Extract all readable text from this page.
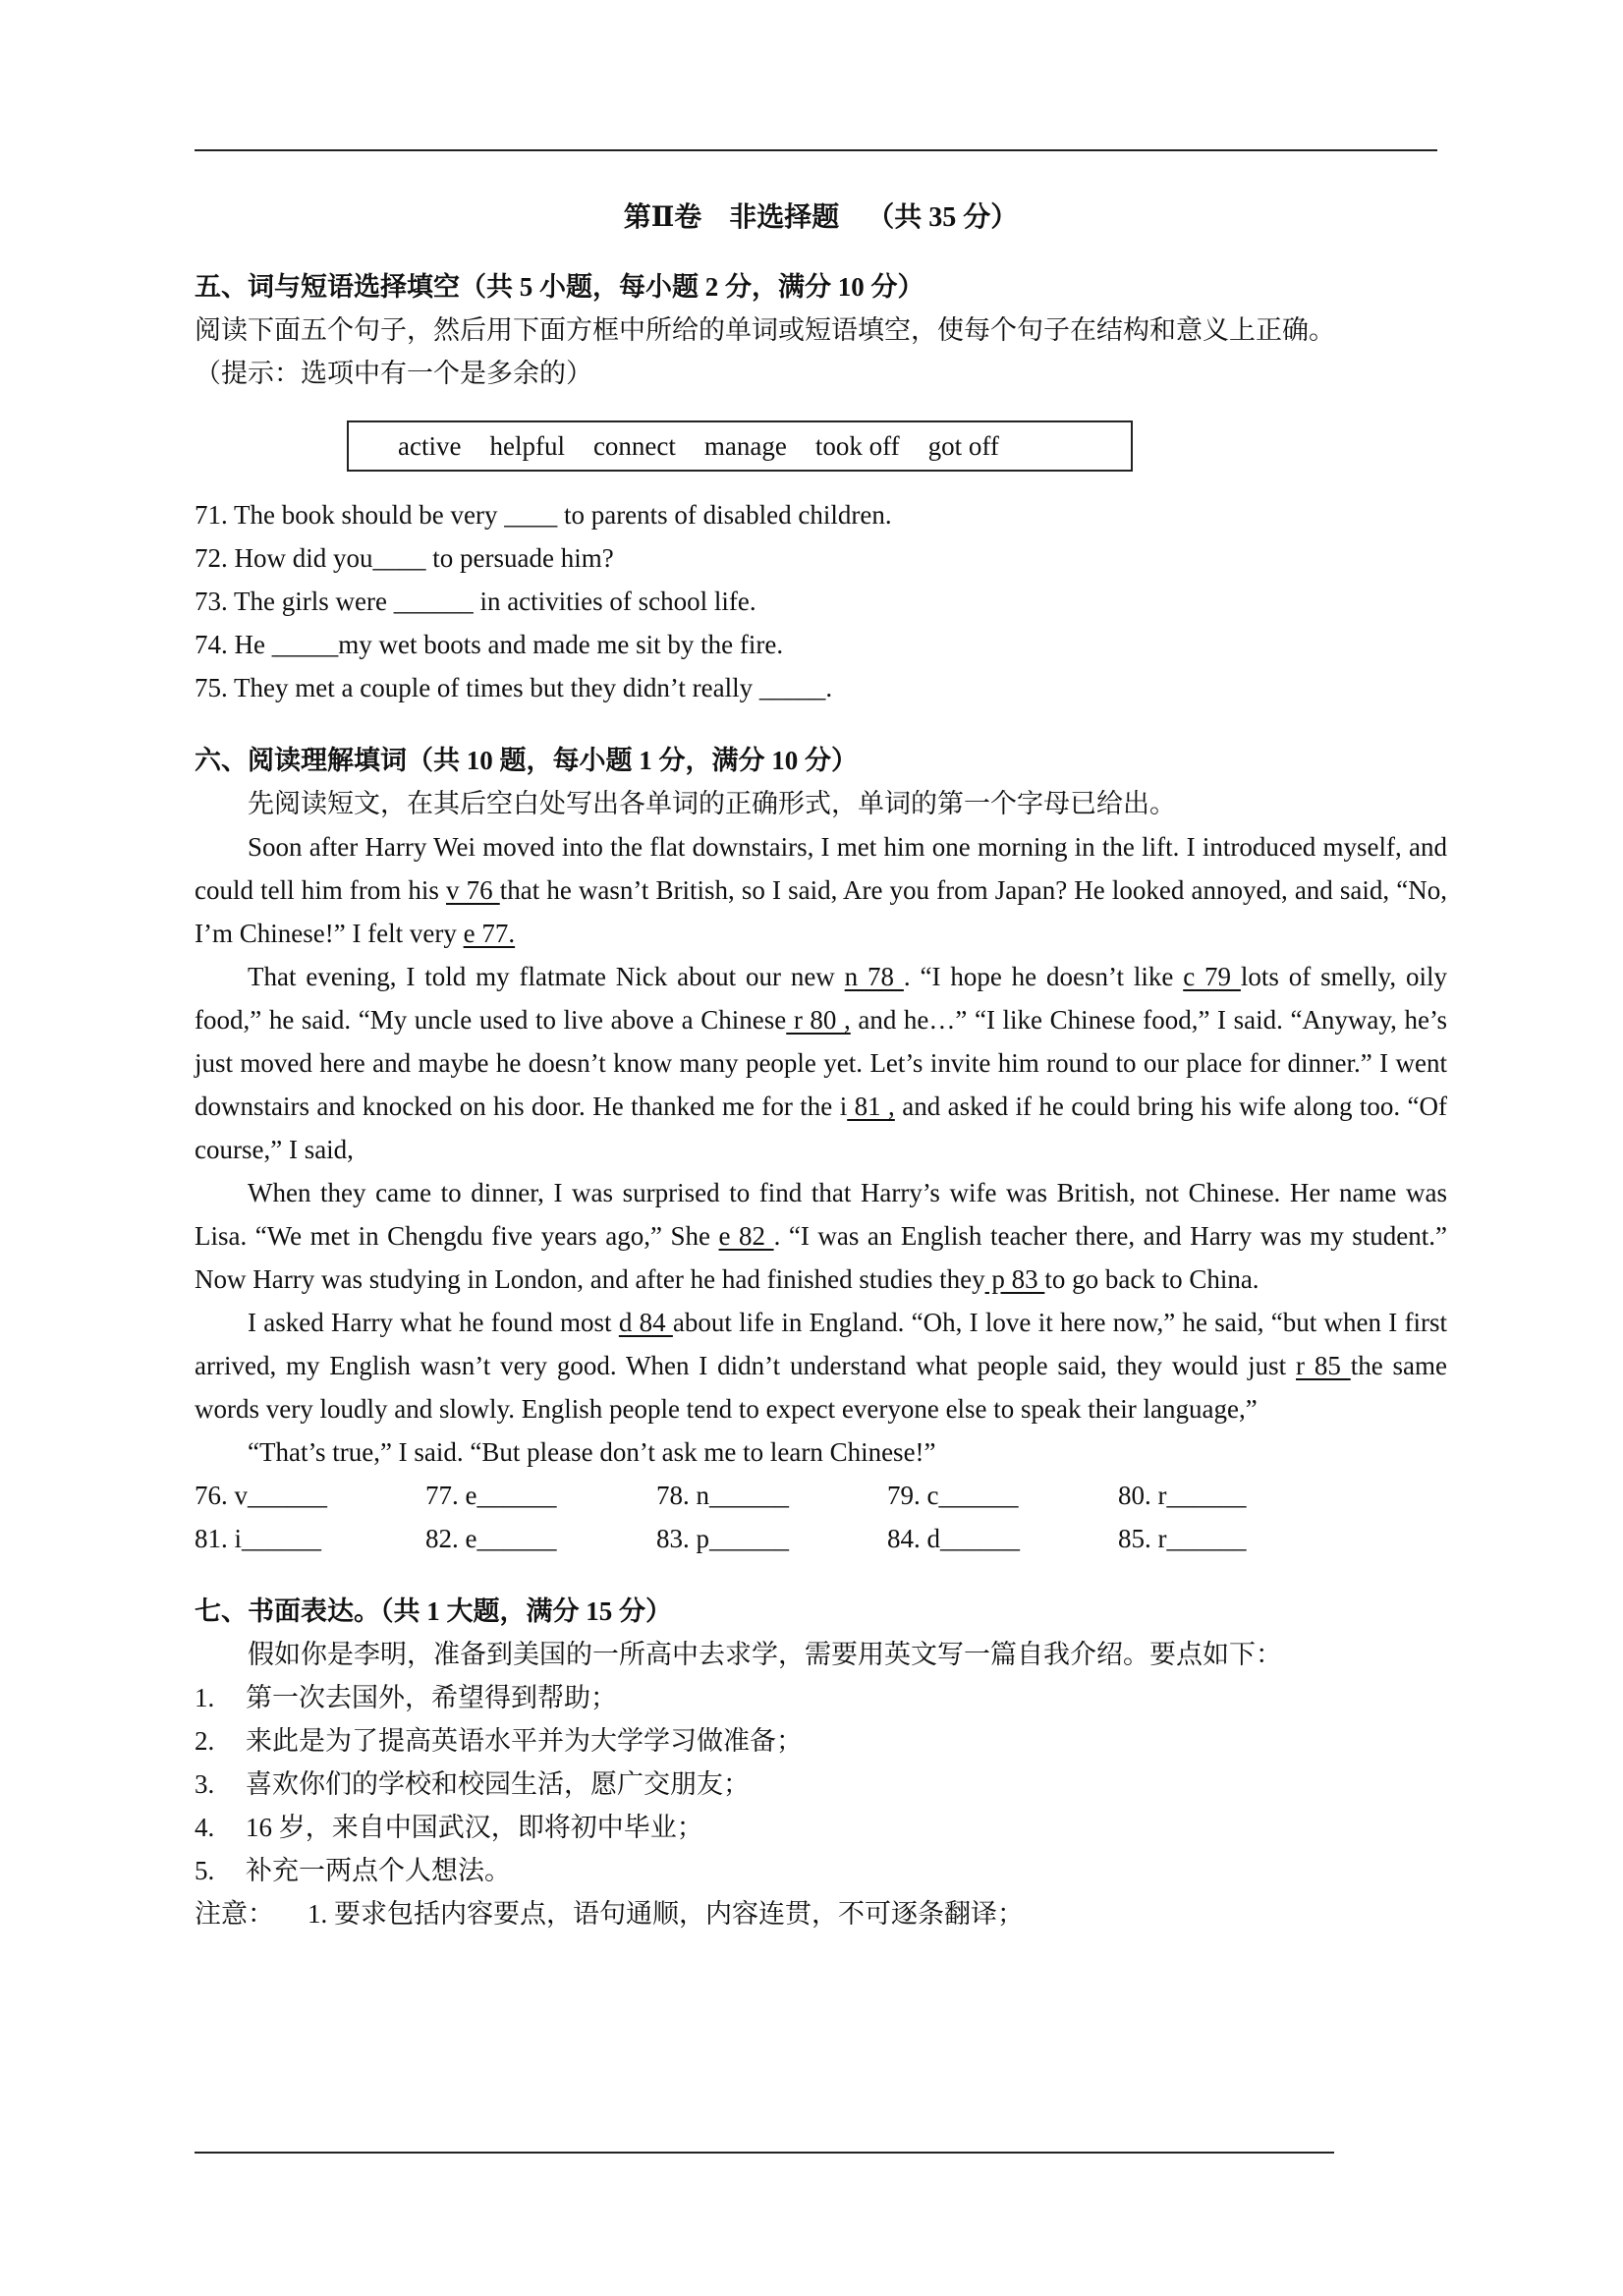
第Ⅱ卷    非选择题    （共 35 分）

五、词与短语选择填空（共 5 小题，每小题 2 分，满分 10 分）

阅读下面五个句子，然后用下面方框中所给的单词或短语填空，使每个句子在结构和意义上正确。

（提示：选项中有一个是多余的）

active helpful connect manage took off got off
71. The book should be very ____ to parents of disabled children.
72. How did you____ to persuade him?
73. The girls were ______ in activities of school life.
74. He _____my wet boots and made me sit by the fire.
75. They met a couple of times but they didn’t really _____.

六、阅读理解填词（共 10 题，每小题 1 分，满分 10 分）

先阅读短文，在其后空白处写出各单词的正确形式，单词的第一个字母已给出。

Soon after Harry Wei moved into the flat downstairs, I met him one morning in the lift. I introduced myself, and could tell him from his v 76 that he wasn’t British, so I said, Are you from Japan? He looked annoyed, and said, “No, I’m Chinese!” I felt very e 77.

That evening, I told my flatmate Nick about our new n 78 . “I hope he doesn’t like c 79 lots of smelly, oily food,” he said. “My uncle used to live above a Chinese r 80 , and he…” “I like Chinese food,” I said. “Anyway, he’s just moved here and maybe he doesn’t know many people yet. Let’s invite him round to our place for dinner.” I went downstairs and knocked on his door. He thanked me for the i 81 , and asked if he could bring his wife along too. “Of course,” I said,

When they came to dinner, I was surprised to find that Harry’s wife was British, not Chinese. Her name was Lisa. “We met in Chengdu five years ago,” She e 82 . “I was an English teacher there, and Harry was my student.” Now Harry was studying in London, and after he had finished studies they p 83 to go back to China.

I asked Harry what he found most d 84 about life in England. “Oh, I love it here now,” he said, “but when I first arrived, my English wasn’t very good. When I didn’t understand what people said, they would just r 85 the same words very loudly and slowly. English people tend to expect everyone else to speak their language,”

“That’s true,” I said. “But please don’t ask me to learn Chinese!”

76. v______	77. e______	78. n______	79. c______	80. r______
81. i______	82. e______	83. p______	84. d______	85. r______

七、书面表达。（共 1 大题，满分 15 分）

假如你是李明，准备到美国的一所高中去求学，需要用英文写一篇自我介绍。要点如下：

1. 第一次去国外，希望得到帮助；
2. 来此是为了提高英语水平并为大学学习做准备；
3. 喜欢你们的学校和校园生活，愿广交朋友；
4. 16 岁，来自中国武汉，即将初中毕业；
5. 补充一两点个人想法。
注意： 1. 要求包括内容要点，语句通顺，内容连贯，不可逐条翻译；
